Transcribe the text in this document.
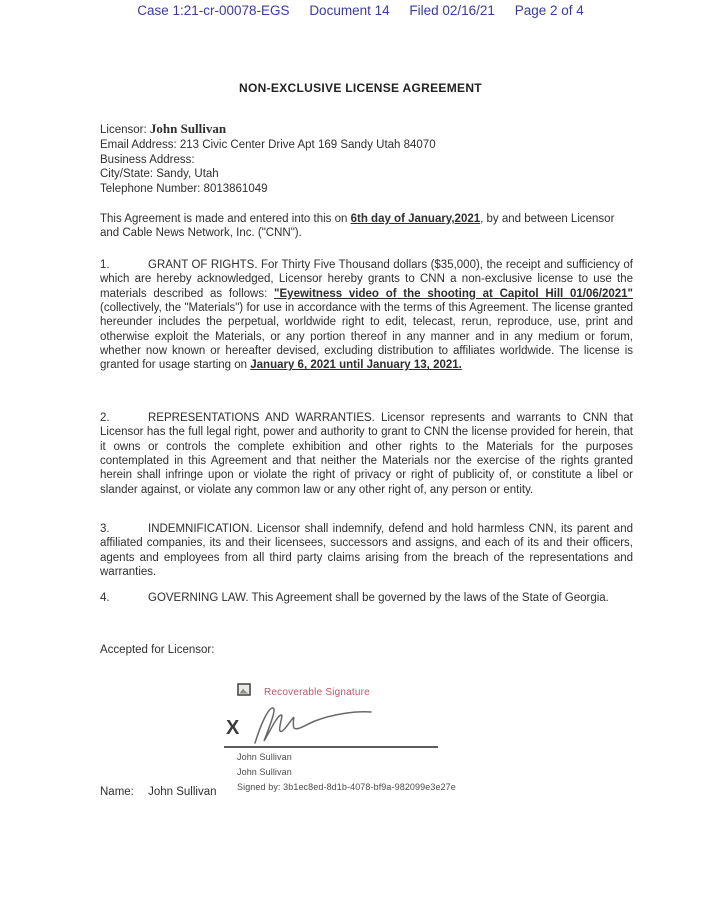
Case 1:21-cr-00078-EGS Document 14 Filed 02/16/21 Page 2 of 4
NON-EXCLUSIVE LICENSE AGREEMENT
Licensor: John Sullivan
Email Address: 213 Civic Center Drive Apt 169 Sandy Utah 84070
Business Address:
City/State: Sandy, Utah
Telephone Number: 8013861049
This Agreement is made and entered into this on 6th day of January,2021, by and between Licensor and Cable News Network, Inc. ("CNN").
1.	GRANT OF RIGHTS. For Thirty Five Thousand dollars ($35,000), the receipt and sufficiency of which are hereby acknowledged, Licensor hereby grants to CNN a non-exclusive license to use the materials described as follows: "Eyewitness video of the shooting at Capitol Hill 01/06/2021" (collectively, the "Materials") for use in accordance with the terms of this Agreement. The license granted hereunder includes the perpetual, worldwide right to edit, telecast, rerun, reproduce, use, print and otherwise exploit the Materials, or any portion thereof in any manner and in any medium or forum, whether now known or hereafter devised, excluding distribution to affiliates worldwide. The license is granted for usage starting on January 6, 2021 until January 13, 2021.
2.	REPRESENTATIONS AND WARRANTIES. Licensor represents and warrants to CNN that Licensor has the full legal right, power and authority to grant to CNN the license provided for herein, that it owns or controls the complete exhibition and other rights to the Materials for the purposes contemplated in this Agreement and that neither the Materials nor the exercise of the rights granted herein shall infringe upon or violate the right of privacy or right of publicity of, or constitute a libel or slander against, or violate any common law or any other right of, any person or entity.
3.	INDEMNIFICATION. Licensor shall indemnify, defend and hold harmless CNN, its parent and affiliated companies, its and their licensees, successors and assigns, and each of its and their officers, agents and employees from all third party claims arising from the breach of the representations and warranties.
4.	GOVERNING LAW. This Agreement shall be governed by the laws of the State of Georgia.
Accepted for Licensor:
Recoverable Signature
X
John Sullivan
John Sullivan
Signed by: 3b1ec8ed-8d1b-4078-bf9a-982099e3e27e
Name: John Sullivan
